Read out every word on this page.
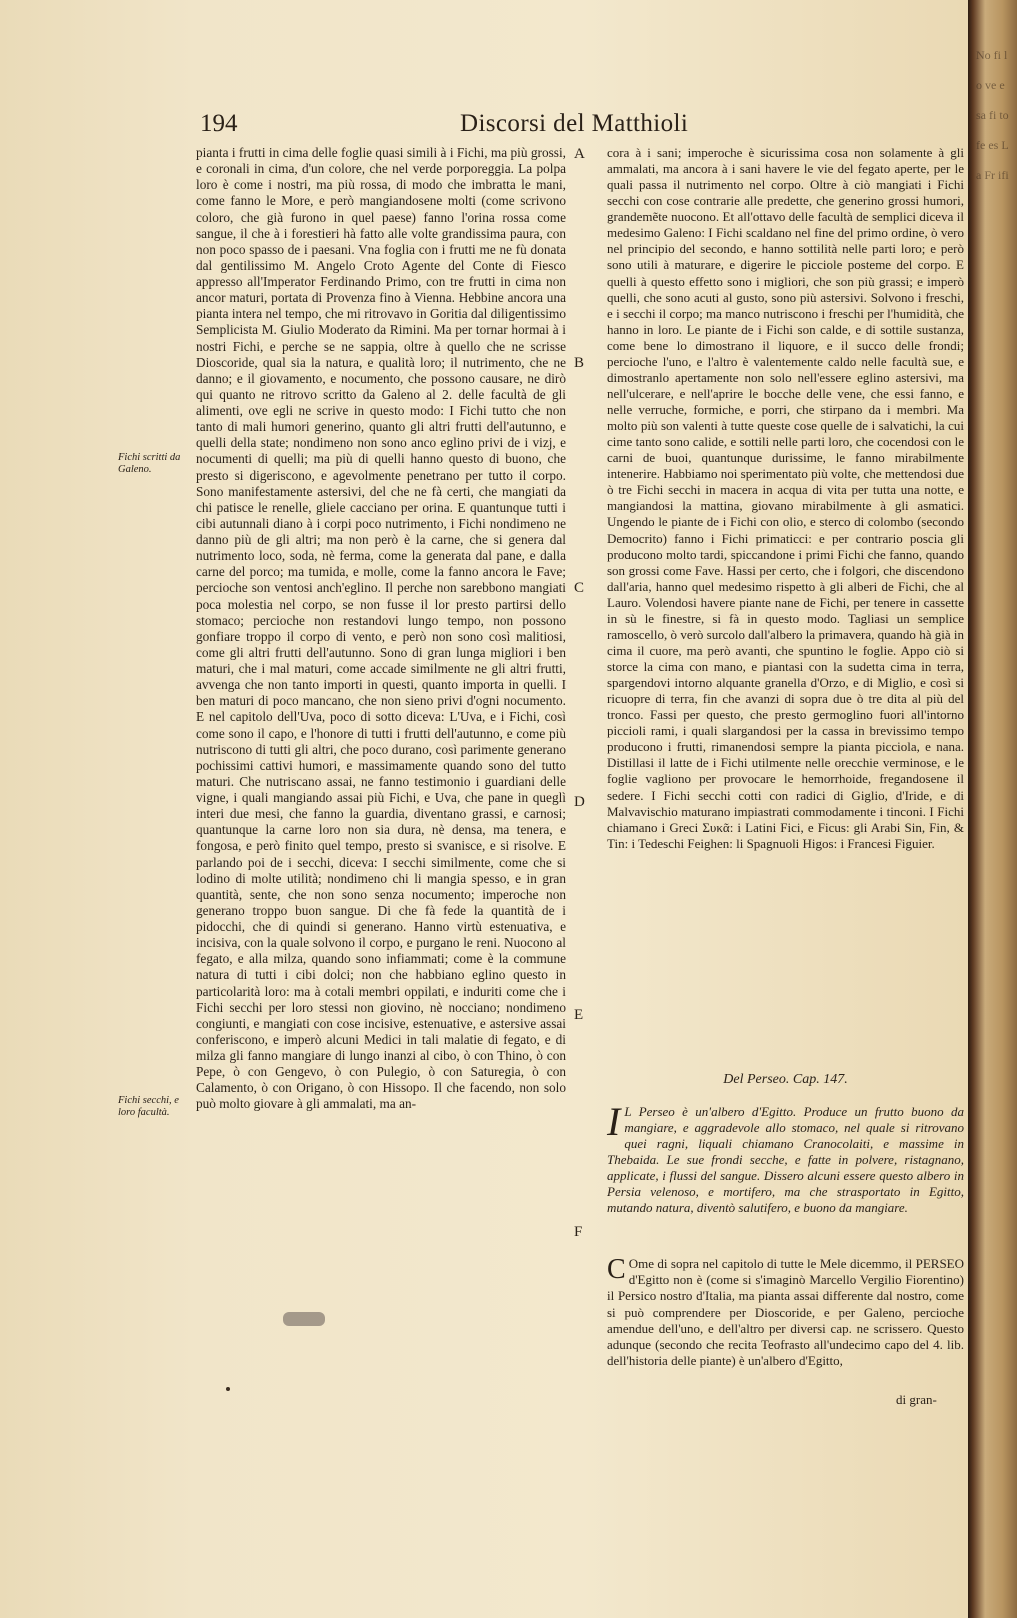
194	Discorsi del Matthioli

pianta i frutti in cima delle foglie quasi simili à i Fichi, ma più grossi, e coronali in cima, d'un colore, che nel verde porporeggia. La polpa loro è come i nostri, ma più rossa, di modo che imbratta le mani, come fanno le More, e però mangiandosene molti (come scrivono coloro, che già furono in quel paese) fanno l'orina rossa come sangue, il che à i forestieri hà fatto alle volte grandissima paura, con non poco spasso de i paesani. Vna foglia con i frutti me ne fù donata dal gentilissimo M. Angelo Croto Agente del Conte di Fiesco appresso all'Imperator Ferdinando Primo, con tre frutti in cima non ancor maturi, portata di Provenza fino à Vienna. Hebbine ancora una pianta intera nel tempo, che mi ritrovavo in Goritia dal diligentissimo Semplicista M. Giulio Moderato da Rimini. Ma per tornar hormai à i nostri Fichi, e perche se ne sappia, oltre à quello che ne scrisse Dioscoride, qual sia la natura, e qualità loro; il nutrimento, che ne danno; e il giovamento, e nocumento, che possono causare, ne dirò qui quanto ne ritrovo scritto da Galeno al 2. delle facultà de gli alimenti, ove egli ne scrive in questo modo: I Fichi tutto che non tanto di mali humori generino, quanto gli altri frutti dell'autunno, e quelli della state; nondimeno non sono anco eglino privi de i vizj, e nocumenti di quelli; ma più di quelli hanno questo di buono, che presto si digeriscono, e agevolmente penetrano per tutto il corpo. Sono manifestamente astersivi, del che ne fà certi, che mangiati da chi patisce le renelle, gliele cacciano per orina. E quantunque tutti i cibi autunnali diano à i corpi poco nutrimento, i Fichi nondimeno ne danno più de gli altri; ma non però è la carne, che si genera dal nutrimento loco, soda, nè ferma, come la generata dal pane, e dalla carne del porco; ma tumida, e molle, come la fanno ancora le Fave; percioche son ventosi anch'eglino. Il perche non sarebbono mangiati poca molestia nel corpo, se non fusse il lor presto partirsi dello stomaco; percioche non restandovi lungo tempo, non possono gonfiare troppo il corpo di vento, e però non sono così malitiosi, come gli altri frutti dell'autunno. Sono di gran lunga migliori i ben maturi, che i mal maturi, come accade similmente ne gli altri frutti, avvenga che non tanto importi in questi, quanto importa in quelli. I ben maturi di poco mancano, che non sieno privi d'ogni nocumento. E nel capitolo dell'Uva, poco di sotto diceva: L'Uva, e i Fichi, così come sono il capo, e l'honore di tutti i frutti dell'autunno, e come più nutriscono di tutti gli altri, che poco durano, così parimente generano pochissimi cattivi humori, e massimamente quando sono del tutto maturi. Che nutriscano assai, ne fanno testimonio i guardiani delle vigne, i quali mangiando assai più Fichi, e Uva, che pane in queglì interi due mesi, che fanno la guardia, diventano grassi, e carnosi; quantunque la carne loro non sia dura, nè densa, ma tenera, e fongosa, e però finito quel tempo, presto si svanisce, e si risolve. E parlando poi de i secchi, diceva: I secchi similmente, come che si lodino di molte utilità; nondimeno chi li mangia spesso, e in gran quantità, sente, che non sono senza nocumento; imperoche non generano troppo buon sangue. Di che fà fede la quantità de i pidocchi, che di quindi si generano. Hanno virtù estenuativa, e incisiva, con la quale solvono il corpo, e purgano le reni. Nuocono al fegato, e alla milza, quando sono infiammati; come è la commune natura di tutti i cibi dolci; non che habbiano eglino questo in particolarità loro: ma à cotali membri oppilati, e induriti come che i Fichi secchi per loro stessi non giovino, nè nocciano; nondimeno congiunti, e mangiati con cose incisive, estenuative, e astersive assai conferiscono, e imperò alcuni Medici in tali malatie di fegato, e di milza gli fanno mangiare di lungo inanzi al cibo, ò con Thino, ò con Pepe, ò con Gengevo, ò con Pulegio, ò con Saturegia, ò con Calamento, ò con Origano, ò con Hissopo. Il che facendo, non solo può molto giovare à gli ammalati, ma an-

Fichi scritti da Galeno.
Fichi secchi, e loro facultà.
A
B
C
D
E
F

cora à i sani; imperoche è sicurissima cosa non solamente à gli ammalati, ma ancora à i sani havere le vie del fegato aperte, per le quali passa il nutrimento nel corpo. Oltre à ciò mangiati i Fichi secchi con cose contrarie alle predette, che generino grossi humori, grandemẽte nuocono. Et all'ottavo delle facultà de semplici diceva il medesimo Galeno: I Fichi scaldano nel fine del primo ordine, ò vero nel principio del secondo, e hanno sottilità nelle parti loro; e però sono utili à maturare, e digerire le picciole posteme del corpo. E quelli à questo effetto sono i migliori, che son più grassi; e imperò quelli, che sono acuti al gusto, sono più astersivi. Solvono i freschi, e i secchi il corpo; ma manco nutriscono i freschi per l'humidità, che hanno in loro. Le piante de i Fichi son calde, e di sottile sustanza, come bene lo dimostrano il liquore, e il succo delle frondi; percioche l'uno, e l'altro è valentemente caldo nelle facultà sue, e dimostranlo apertamente non solo nell'essere eglino astersivi, ma nell'ulcerare, e nell'aprire le bocche delle vene, che essi fanno, e nelle verruche, formiche, e porri, che stirpano da i membri. Ma molto più son valenti à tutte queste cose quelle de i salvatichi, la cui cime tanto sono calide, e sottili nelle parti loro, che cocendosi con le carni de buoi, quantunque durissime, le fanno mirabilmente intenerire. Habbiamo noi sperimentato più volte, che mettendosi due ò tre Fichi secchi in macera in acqua di vita per tutta una notte, e mangiandosi la mattina, giovano mirabilmente à gli asmatici. Ungendo le piante de i Fichi con olio, e sterco di colombo (secondo Democrito) fanno i Fichi primaticci: e per contrario poscia gli producono molto tardi, spiccandone i primi Fichi che fanno, quando son grossi come Fave. Hassi per certo, che i folgori, che discendono dall'aria, hanno quel medesimo rispetto à gli alberi de Fichi, che al Lauro. Volendosi havere piante nane de Fichi, per tenere in cassette in sù le finestre, si fà in questo modo. Tagliasi un semplice ramoscello, ò verò surcolo dall'albero la primavera, quando hà già in cima il cuore, ma però avanti, che spuntino le foglie. Appo ciò si storce la cima con mano, e piantasi con la sudetta cima in terra, spargendovi intorno alquante granella d'Orzo, e di Miglio, e così si ricuopre di terra, fin che avanzi di sopra due ò tre dita al più del tronco. Fassi per questo, che presto germoglino fuori all'intorno piccioli rami, i quali slargandosi per la cassa in brevissimo tempo producono i frutti, rimanendosi sempre la pianta picciola, e nana. Distillasi il latte de i Fichi utilmente nelle orecchie verminose, e le foglie vagliono per provocare le hemorrhoide, fregandosene il sedere. I Fichi secchi cotti con radici di Giglio, d'Iride, e di Malvavischio maturano impiastrati commodamente i tinconi. I Fichi chiamano i Greci Συκᾶ: i Latini Fici, e Ficus: gli Arabi Sin, Fin, & Tin: i Tedeschi Feighen: li Spagnuoli Higos: i Francesi Figuier.

Del Perseo. Cap. 147.
I L Perseo è un'albero d'Egitto. Produce un frutto buono da mangiare, e aggradevole allo stomaco, nel quale si ritrovano quei ragni, liquali chiamano Cranocolaiti, e massime in Thebaida. Le sue frondi secche, e fatte in polvere, ristagnano, applicate, i flussi del sangue. Dissero alcuni essere questo albero in Persia velenoso, e mortifero, ma che strasportato in Egitto, mutando natura, diventò salutifero, e buono da mangiare.
C Ome di sopra nel capitolo di tutte le Mele dicemmo, il PERSEO d'Egitto non è (come si s'imaginò Marcello Vergilio Fiorentino) il Persico nostro d'Italia, ma pianta assai differente dal nostro, come si può comprendere per Dioscoride, e per Galeno, percioche amendue dell'uno, e dell'altro per diversi cap. ne scrissero. Questo adunque (secondo che recita Teofrasto all'undecimo capo del 4. lib. dell'historia delle piante) è un'albero d'Egitto,
di gran-
No fi lo ve e sa fi to fe es La Fr ifi
